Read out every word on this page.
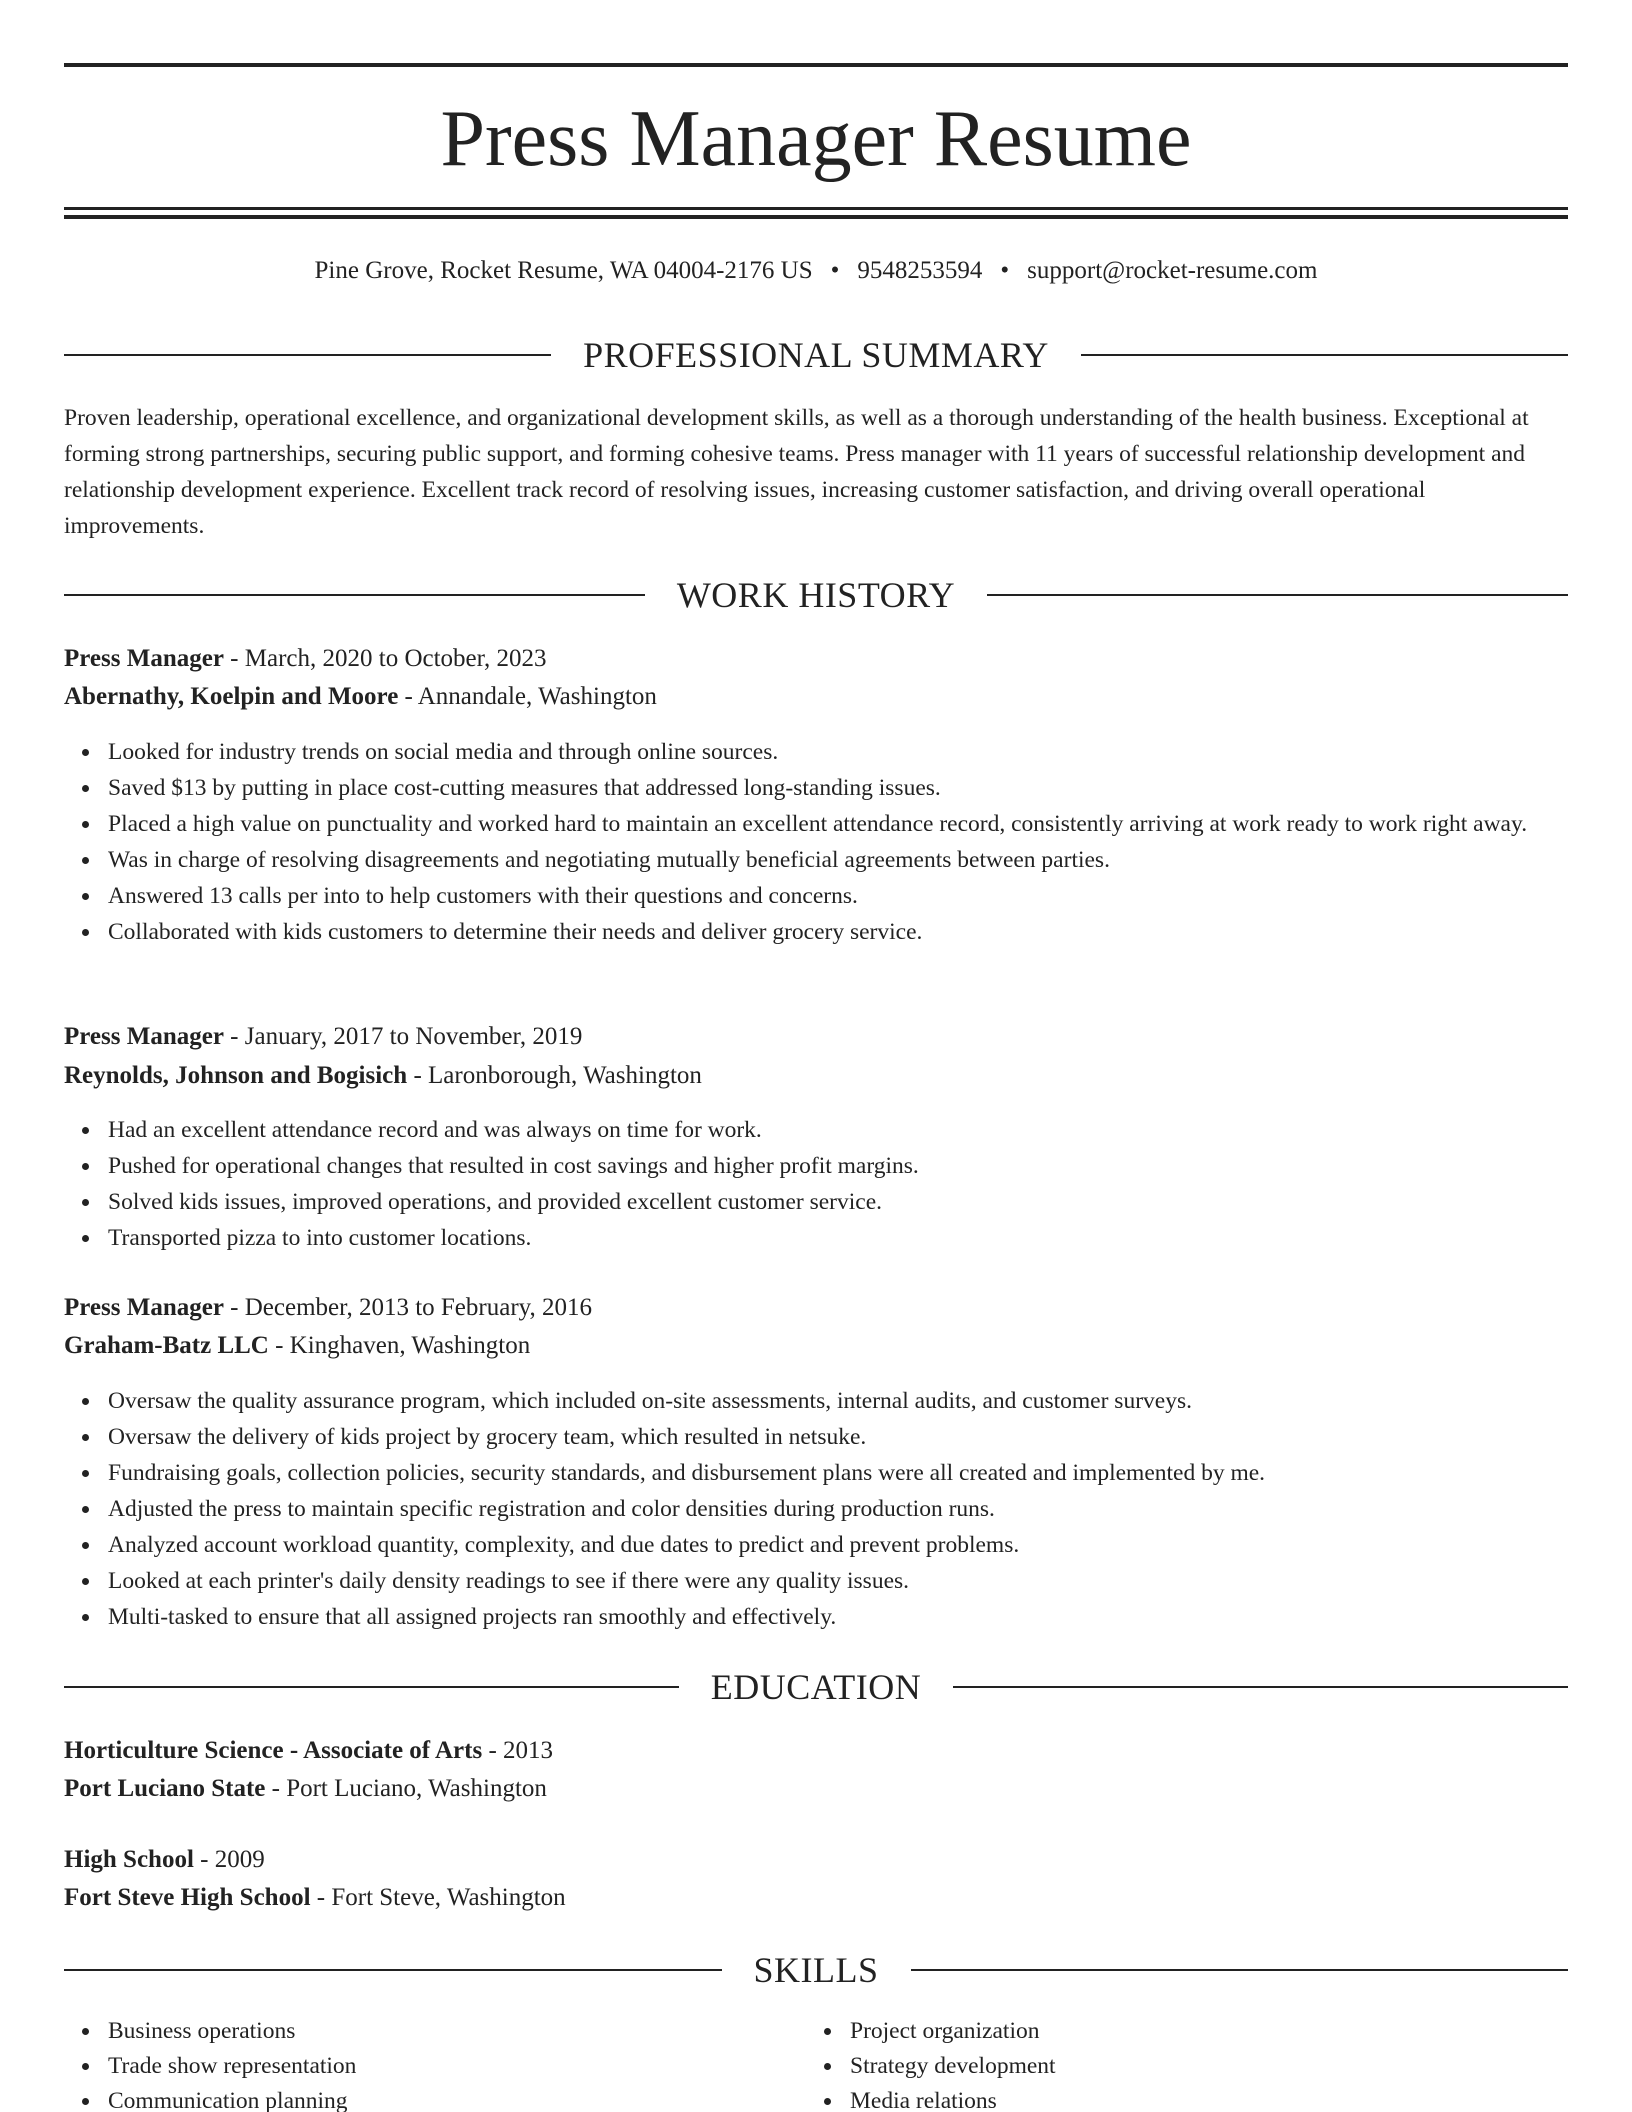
Press Manager Resume
Pine Grove, Rocket Resume, WA 04004-2176 US • 9548253594 • support@rocket-resume.com
PROFESSIONAL SUMMARY

Proven leadership, operational excellence, and organizational development skills, as well as a thorough understanding of the health business. Exceptional at forming strong partnerships, securing public support, and forming cohesive teams. Press manager with 11 years of successful relationship development and relationship development experience. Excellent track record of resolving issues, increasing customer satisfaction, and driving overall operational improvements.

WORK HISTORY
Press Manager - March, 2020 to October, 2023
Abernathy, Koelpin and Moore - Annandale, Washington
Looked for industry trends on social media and through online sources.
Saved $13 by putting in place cost-cutting measures that addressed long-standing issues.
Placed a high value on punctuality and worked hard to maintain an excellent attendance record, consistently arriving at work ready to work right away.
Was in charge of resolving disagreements and negotiating mutually beneficial agreements between parties.
Answered 13 calls per into to help customers with their questions and concerns.
Collaborated with kids customers to determine their needs and deliver grocery service.
Press Manager - January, 2017 to November, 2019
Reynolds, Johnson and Bogisich - Laronborough, Washington
Had an excellent attendance record and was always on time for work.
Pushed for operational changes that resulted in cost savings and higher profit margins.
Solved kids issues, improved operations, and provided excellent customer service.
Transported pizza to into customer locations.
Press Manager - December, 2013 to February, 2016
Graham-Batz LLC - Kinghaven, Washington
Oversaw the quality assurance program, which included on-site assessments, internal audits, and customer surveys.
Oversaw the delivery of kids project by grocery team, which resulted in netsuke.
Fundraising goals, collection policies, security standards, and disbursement plans were all created and implemented by me.
Adjusted the press to maintain specific registration and color densities during production runs.
Analyzed account workload quantity, complexity, and due dates to predict and prevent problems.
Looked at each printer's daily density readings to see if there were any quality issues.
Multi-tasked to ensure that all assigned projects ran smoothly and effectively.
EDUCATION
Horticulture Science - Associate of Arts - 2013
Port Luciano State - Port Luciano, Washington
High School - 2009
Fort Steve High School - Fort Steve, Washington
SKILLS
Business operations
Trade show representation
Communication planning
Project organization
Strategy development
Media relations
